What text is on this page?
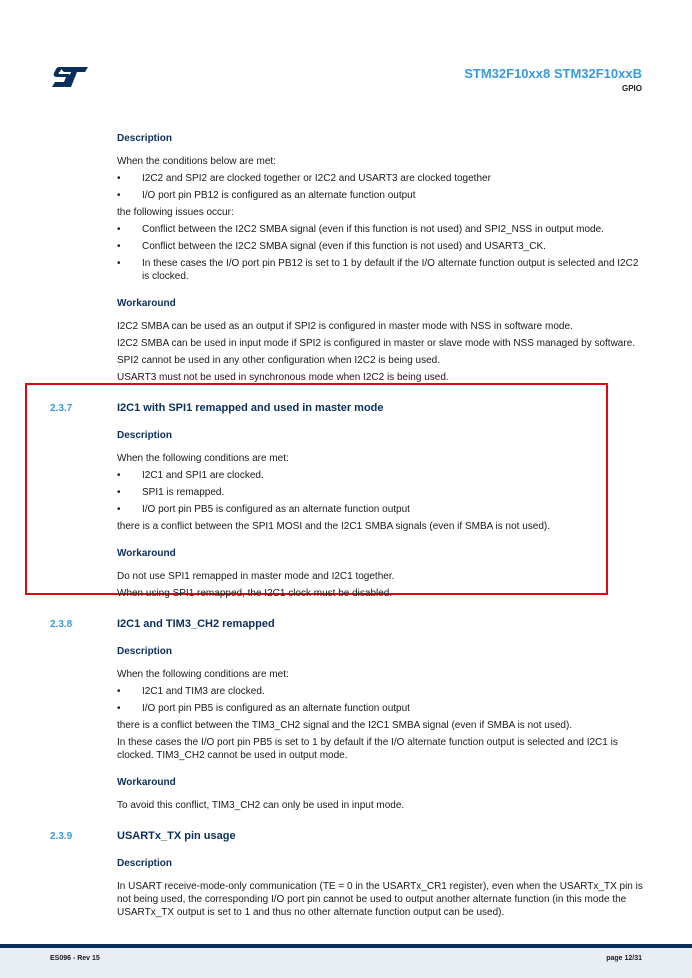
STM32F10xx8 STM32F10xxB
GPIO

Description

When the conditions below are met:

• I2C2 and SPI2 are clocked together or I2C2 and USART3 are clocked together

• I/O port pin PB12 is configured as an alternate function output

the following issues occur:

• Conflict between the I2C2 SMBA signal (even if this function is not used) and SPI2_NSS in output mode.

• Conflict between the I2C2 SMBA signal (even if this function is not used) and USART3_CK.

• In these cases the I/O port pin PB12 is set to 1 by default if the I/O alternate function output is selected and I2C2 is clocked.

Workaround

I2C2 SMBA can be used as an output if SPI2 is configured in master mode with NSS in software mode.

I2C2 SMBA can be used in input mode if SPI2 is configured in master or slave mode with NSS managed by software.

SPI2 cannot be used in any other configuration when I2C2 is being used.

USART3 must not be used in synchronous mode when I2C2 is being used.

2.3.7	I2C1 with SPI1 remapped and used in master mode

Description

When the following conditions are met:

• I2C1 and SPI1 are clocked.

• SPI1 is remapped.

• I/O port pin PB5 is configured as an alternate function output

there is a conflict between the SPI1 MOSI and the I2C1 SMBA signals (even if SMBA is not used).

Workaround

Do not use SPI1 remapped in master mode and I2C1 together.

When using SPI1 remapped, the I2C1 clock must be disabled.

2.3.8	I2C1 and TIM3_CH2 remapped

Description

When the following conditions are met:

• I2C1 and TIM3 are clocked.

• I/O port pin PB5 is configured as an alternate function output

there is a conflict between the TIM3_CH2 signal and the I2C1 SMBA signal (even if SMBA is not used).

In these cases the I/O port pin PB5 is set to 1 by default if the I/O alternate function output is selected and I2C1 is clocked. TIM3_CH2 cannot be used in output mode.

Workaround

To avoid this conflict, TIM3_CH2 can only be used in input mode.

2.3.9	USARTx_TX pin usage

Description

In USART receive-mode-only communication (TE = 0 in the USARTx_CR1 register), even when the USARTx_TX pin is not being used, the corresponding I/O port pin cannot be used to output another alternate function (in this mode the USARTx_TX output is set to 1 and thus no other alternate function output can be used).

ES096 - Rev 15	page 12/31
